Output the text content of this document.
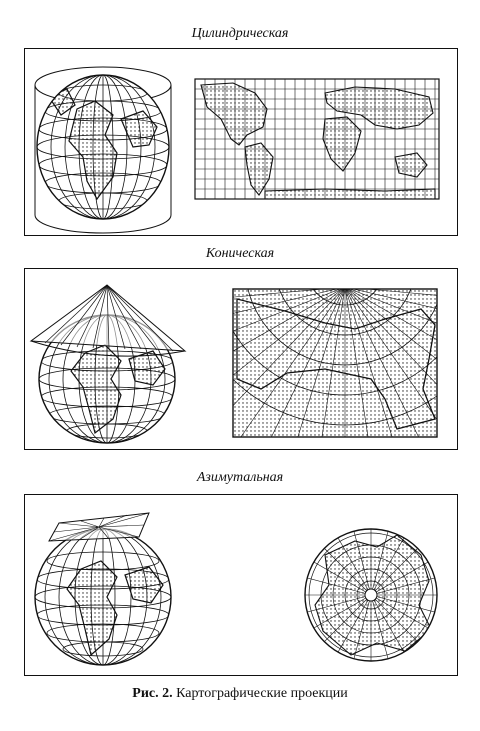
Цилиндрическая
Коническая
Азимутальная
Рис. 2. Картографические проекции
